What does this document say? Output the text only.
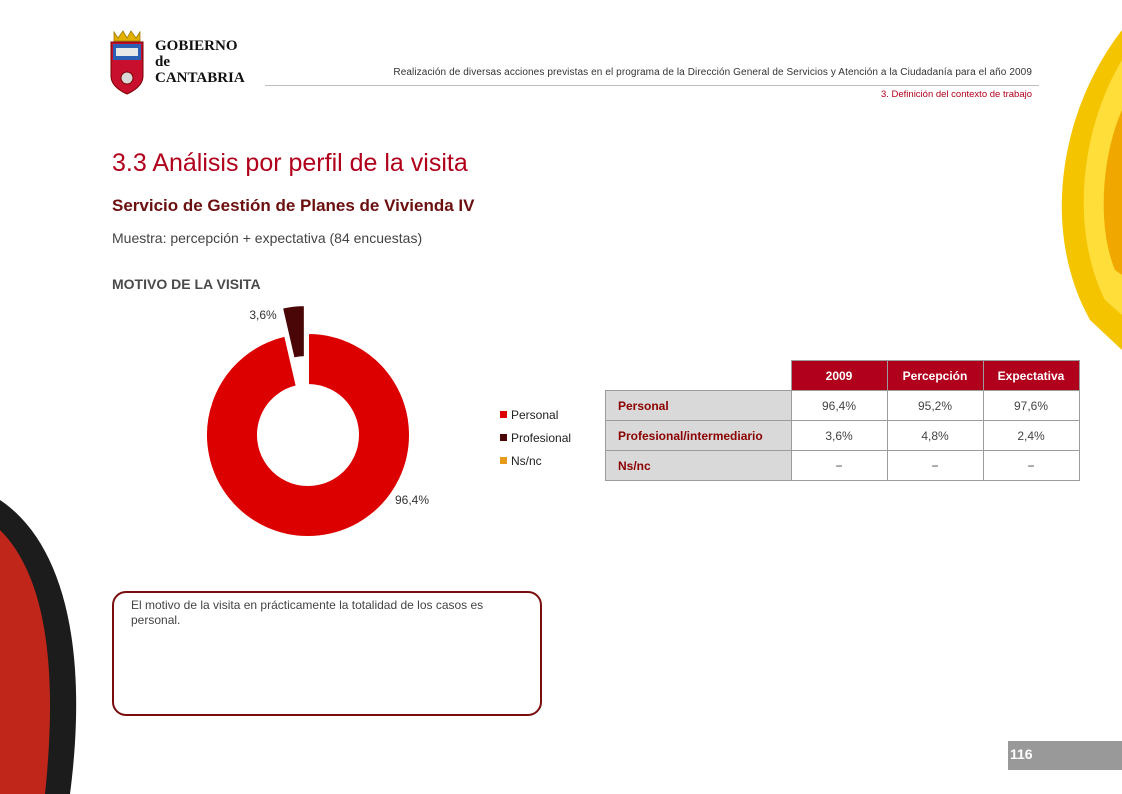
GOBIERNO
de
CANTABRIA	Realización de diversas acciones previstas en el programa de la Dirección General de Servicios y Atención a la Ciudadanía para el año 2009
3. Definición del contexto de trabajo
3.3 Análisis por perfil de la visita
Servicio de Gestión de Planes de Vivienda IV
Muestra: percepción + expectativa (84 encuestas)
MOTIVO DE LA VISITA
96,4%
3,6%
Personal
Profesional
Ns/nc
	2009	Percepción	Expectativa
Personal	96,4%	95,2%	97,6%
Profesional/intermediario	3,6%	4,8%	2,4%
Ns/nc	−	−	−
El motivo de la visita en prácticamente la totalidad de los casos es personal.
116
